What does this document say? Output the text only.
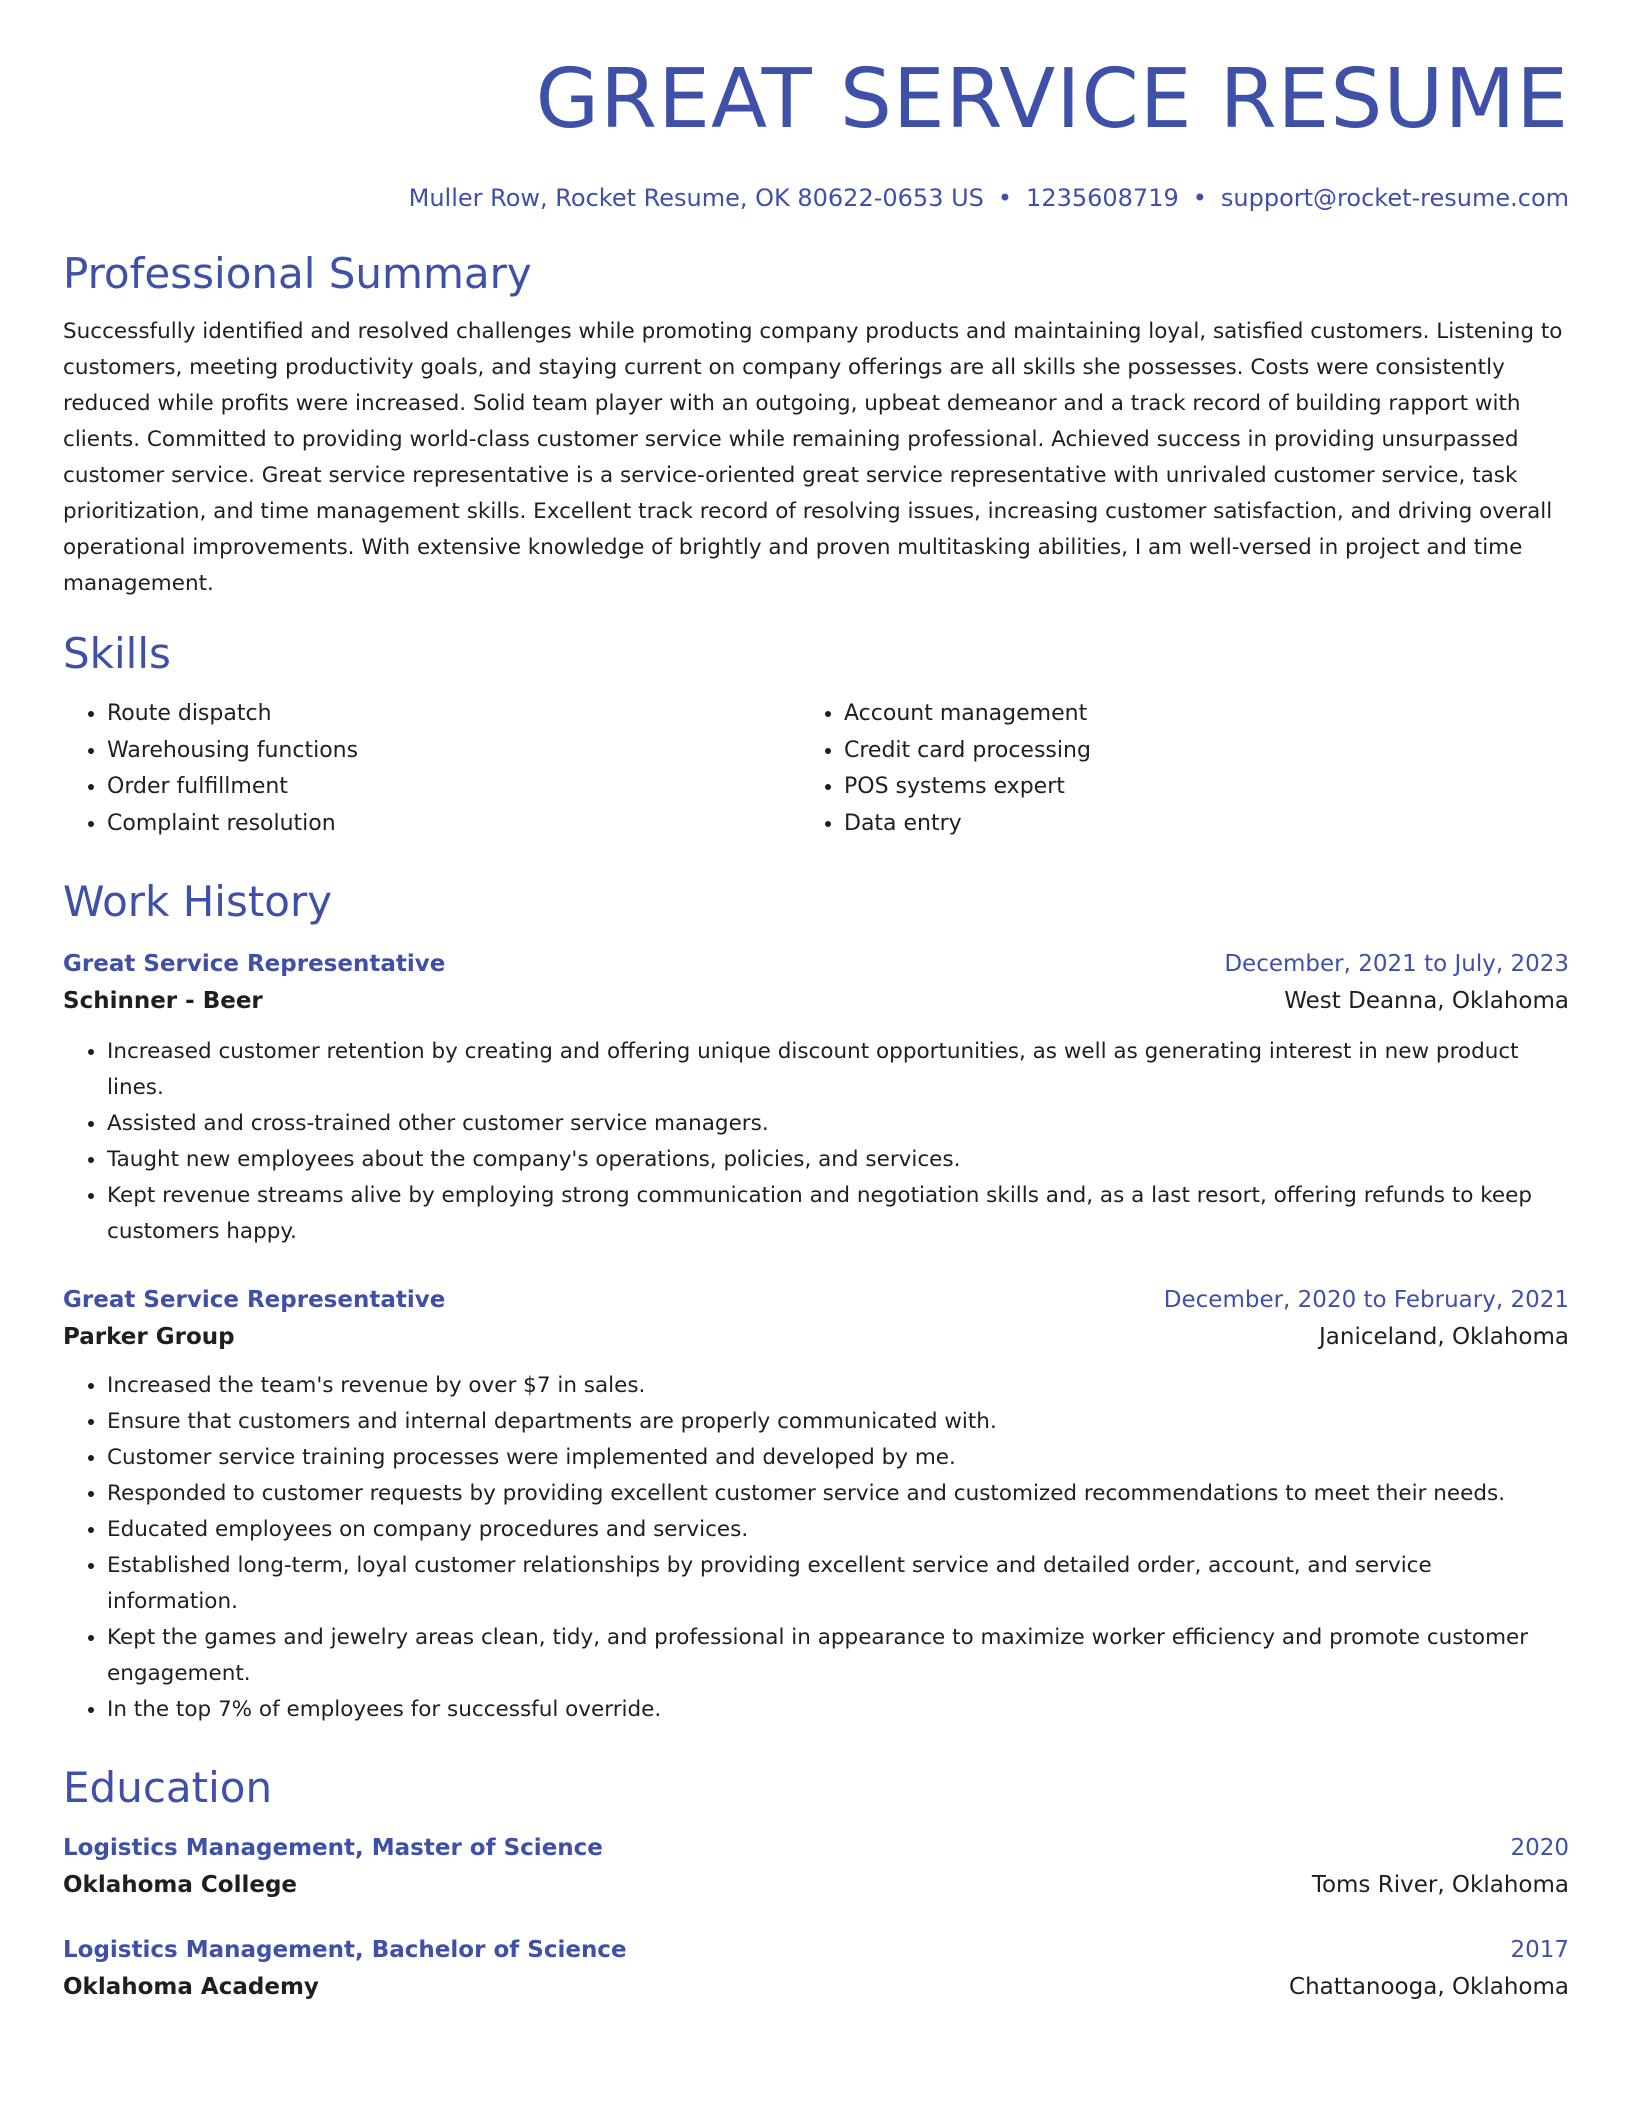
GREAT SERVICE RESUME
Muller Row, Rocket Resume, OK 80622-0653 US • 1235608719 • support@rocket-resume.com
Professional Summary
Successfully identified and resolved challenges while promoting company products and maintaining loyal, satisfied customers. Listening to customers, meeting productivity goals, and staying current on company offerings are all skills she possesses. Costs were consistently reduced while profits were increased. Solid team player with an outgoing, upbeat demeanor and a track record of building rapport with clients. Committed to providing world-class customer service while remaining professional. Achieved success in providing unsurpassed customer service. Great service representative is a service-oriented great service representative with unrivaled customer service, task prioritization, and time management skills. Excellent track record of resolving issues, increasing customer satisfaction, and driving overall operational improvements. With extensive knowledge of brightly and proven multitasking abilities, I am well-versed in project and time management.
Skills
• Route dispatch
• Warehousing functions
• Order fulfillment
• Complaint resolution
• Account management
• Credit card processing
• POS systems expert
• Data entry
Work History
Great Service Representative	December, 2021 to July, 2023
Schinner - Beer	West Deanna, Oklahoma
• Increased customer retention by creating and offering unique discount opportunities, as well as generating interest in new product lines.
• Assisted and cross-trained other customer service managers.
• Taught new employees about the company's operations, policies, and services.
• Kept revenue streams alive by employing strong communication and negotiation skills and, as a last resort, offering refunds to keep customers happy.
Great Service Representative	December, 2020 to February, 2021
Parker Group	Janiceland, Oklahoma
• Increased the team's revenue by over $7 in sales.
• Ensure that customers and internal departments are properly communicated with.
• Customer service training processes were implemented and developed by me.
• Responded to customer requests by providing excellent customer service and customized recommendations to meet their needs.
• Educated employees on company procedures and services.
• Established long-term, loyal customer relationships by providing excellent service and detailed order, account, and service information.
• Kept the games and jewelry areas clean, tidy, and professional in appearance to maximize worker efficiency and promote customer engagement.
• In the top 7% of employees for successful override.
Education
Logistics Management, Master of Science	2020
Oklahoma College	Toms River, Oklahoma
Logistics Management, Bachelor of Science	2017
Oklahoma Academy	Chattanooga, Oklahoma
